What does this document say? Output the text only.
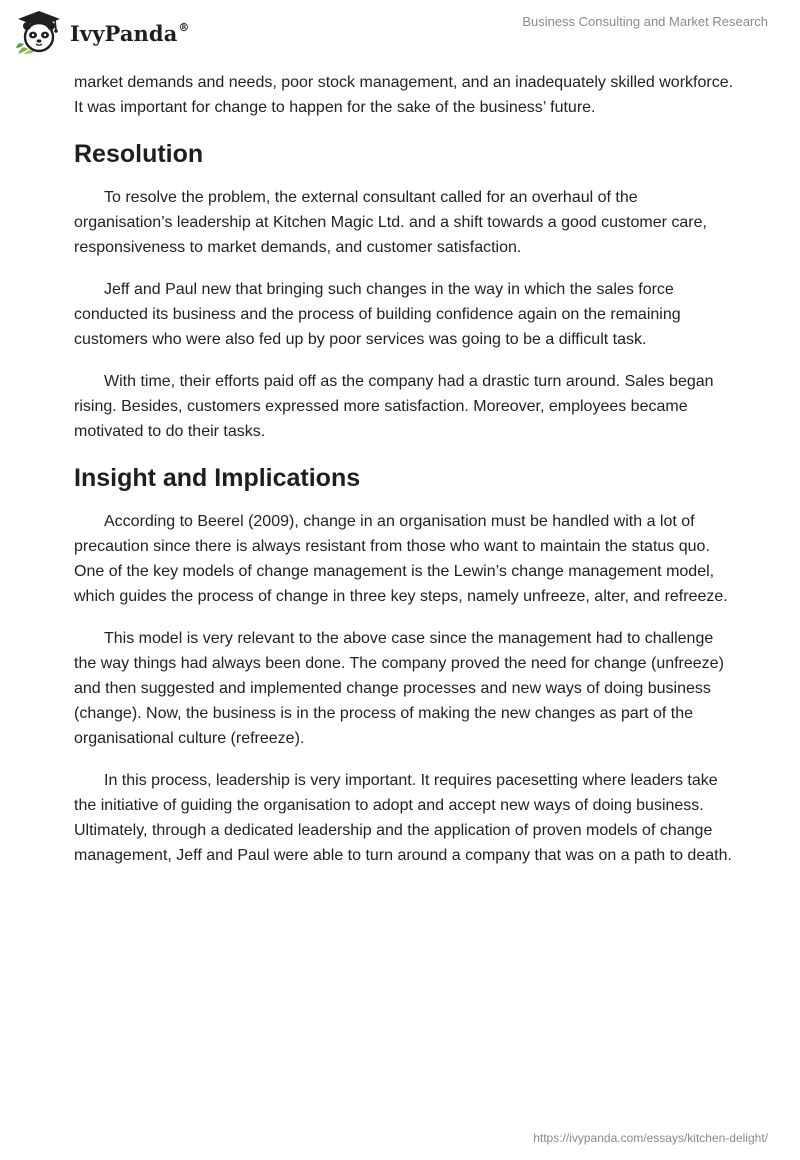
IvyPanda®	Business Consulting and Market Research

market demands and needs, poor stock management, and an inadequately skilled workforce. It was important for change to happen for the sake of the business’ future.

Resolution

To resolve the problem, the external consultant called for an overhaul of the organisation’s leadership at Kitchen Magic Ltd. and a shift towards a good customer care, responsiveness to market demands, and customer satisfaction.

Jeff and Paul new that bringing such changes in the way in which the sales force conducted its business and the process of building confidence again on the remaining customers who were also fed up by poor services was going to be a difficult task.

With time, their efforts paid off as the company had a drastic turn around. Sales began rising. Besides, customers expressed more satisfaction. Moreover, employees became motivated to do their tasks.

Insight and Implications

According to Beerel (2009), change in an organisation must be handled with a lot of precaution since there is always resistant from those who want to maintain the status quo. One of the key models of change management is the Lewin’s change management model, which guides the process of change in three key steps, namely unfreeze, alter, and refreeze.

This model is very relevant to the above case since the management had to challenge the way things had always been done. The company proved the need for change (unfreeze) and then suggested and implemented change processes and new ways of doing business (change). Now, the business is in the process of making the new changes as part of the organisational culture (refreeze).

In this process, leadership is very important. It requires pacesetting where leaders take the initiative of guiding the organisation to adopt and accept new ways of doing business. Ultimately, through a dedicated leadership and the application of proven models of change management, Jeff and Paul were able to turn around a company that was on a path to death.

https://ivypanda.com/essays/kitchen-delight/
